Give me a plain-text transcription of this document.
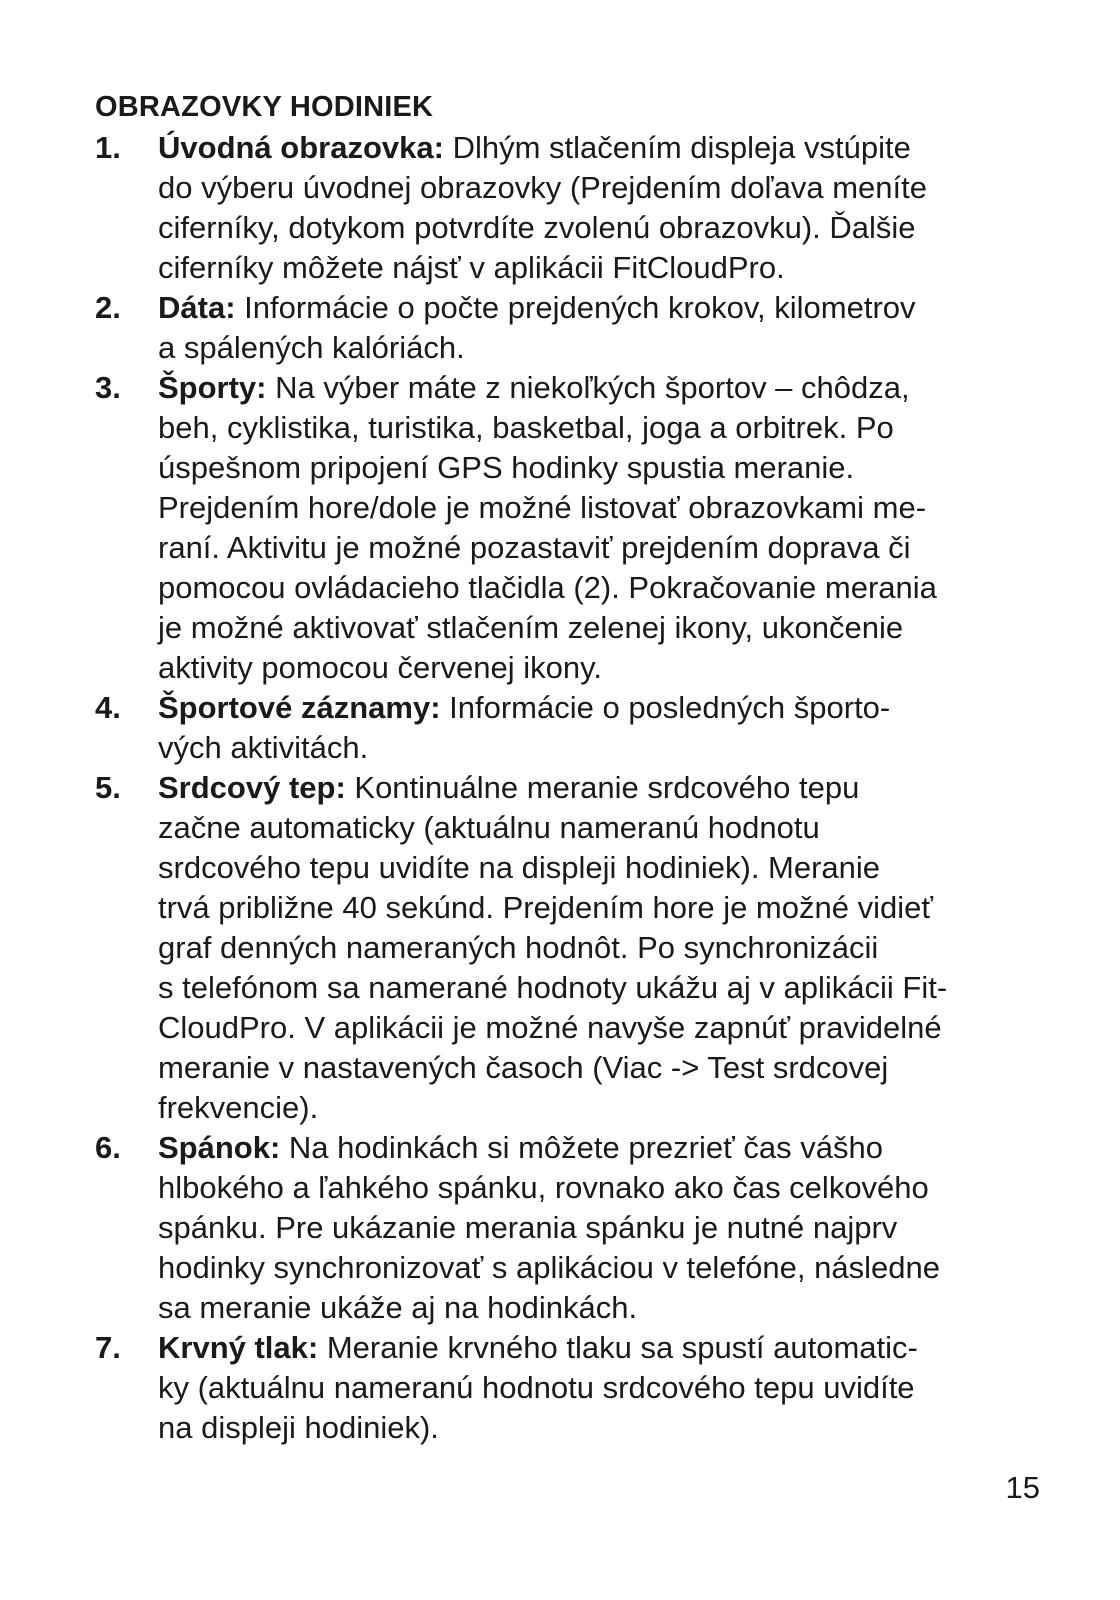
OBRAZOVKY HODINIEK
1.	Úvodná obrazovka: Dlhým stlačením displeja vstúpite
do výberu úvodnej obrazovky (Prejdením doľava meníte
ciferníky, dotykom potvrdíte zvolenú obrazovku). Ďalšie
ciferníky môžete nájsť v aplikácii FitCloudPro.
2.	Dáta: Informácie o počte prejdených krokov, kilometrov
a spálených kalóriách.
3.	Športy: Na výber máte z niekoľkých športov – chôdza,
beh, cyklistika, turistika, basketbal, joga a orbitrek. Po
úspešnom pripojení GPS hodinky spustia meranie.
Prejdením hore/dole je možné listovať obrazovkami me-
raní. Aktivitu je možné pozastaviť prejdením doprava či
pomocou ovládacieho tlačidla (2). Pokračovanie merania
je možné aktivovať stlačením zelenej ikony, ukončenie
aktivity pomocou červenej ikony.
4.	Športové záznamy: Informácie o posledných športo-
vých aktivitách.
5.	Srdcový tep: Kontinuálne meranie srdcového tepu
začne automaticky (aktuálnu nameranú hodnotu
srdcového tepu uvidíte na displeji hodiniek). Meranie
trvá približne 40 sekúnd. Prejdením hore je možné vidieť
graf denných nameraných hodnôt. Po synchronizácii
s telefónom sa namerané hodnoty ukážu aj v aplikácii Fit-
CloudPro. V aplikácii je možné navyše zapnúť pravidelné
meranie v nastavených časoch (Viac -> Test srdcovej
frekvencie).
6.	Spánok: Na hodinkách si môžete prezrieť čas vášho
hlbokého a ľahkého spánku, rovnako ako čas celkového
spánku. Pre ukázanie merania spánku je nutné najprv
hodinky synchronizovať s aplikáciou v telefóne, následne
sa meranie ukáže aj na hodinkách.
7.	Krvný tlak: Meranie krvného tlaku sa spustí automatic-
ky (aktuálnu nameranú hodnotu srdcového tepu uvidíte
na displeji hodiniek).
15
